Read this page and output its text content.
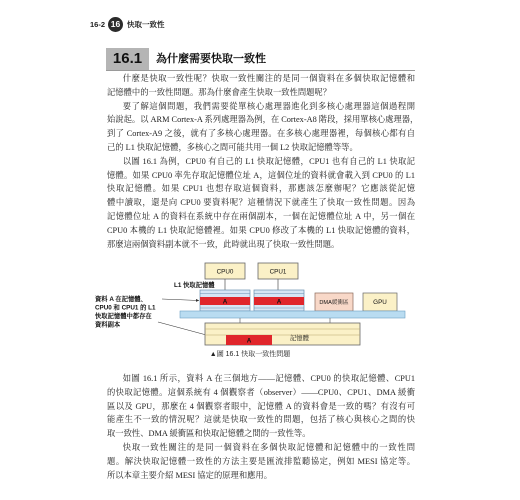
16-2 16 快取一致性
16.1	為什麼需要快取一致性

什麼是快取一致性呢？快取一致性關注的是同一個資料在多個快取記憶體和
記憶體中的一致性問題。那為什麼會產生快取一致性問題呢？

要了解這個問題，我們需要從單核心處理器進化到多核心處理器這個過程開
始說起。以 ARM Cortex-A 系列處理器為例，在 Cortex-A8 階段，採用單核心處理器，
到了 Cortex-A9 之後，就有了多核心處理器。在多核心處理器裡，每個核心都有自
己的 L1 快取記憶體，多核心之間可能共用一個 L2 快取記憶體等等。

以圖 16.1 為例，CPU0 有自己的 L1 快取記憶體，CPU1 也有自己的 L1 快取記
憶體。如果 CPU0 率先存取記憶體位址 A，這個位址的資料就會載入到 CPU0 的 L1
快取記憶體。如果 CPU1 也想存取這個資料，那應該怎麼辦呢？它應該從記憶
體中讀取，還是向 CPU0 要資料呢？這種情況下就產生了快取一致性問題。因為
記憶體位址 A 的資料在系統中存在兩個副本，一個在記憶體位址 A 中，另一個在
CPU0 本機的 L1 快取記憶體裡。如果 CPU0 修改了本機的 L1 快取記憶體的資料，
那麼這兩個資料副本就不一致，此時就出現了快取一致性問題。

CPU0	CPU1
L1 快取記憶體
A	A	DMA緩衝區	GPU
A	記憶體
資料 A 在記憶體、
CPU0 和 CPU1 的 L1
快取記憶體中都存在
資料副本
▲圖 16.1 快取一致性問題

如圖 16.1 所示，資料 A 在三個地方——記憶體、CPU0 的快取記憶體、CPU1
的快取記憶體。這個系統有 4 個觀察者（observer）——CPU0、CPU1、DMA 緩衝
區以及 GPU，那麼在 4 個觀察者眼中，記憶體 A 的資料會是一致的嗎？有沒有可
能產生不一致的情況呢？這就是快取一致性的問題，包括了核心與核心之間的快
取一致性、DMA 緩衝區和快取記憶體之間的一致性等。

快取一致性關注的是同一個資料在多個快取記憶體和記憶體中的一致性問
題。解決快取記憶體一致性的方法主要是匯流排監聽協定，例如 MESI 協定等。
所以本章主要介紹 MESI 協定的原理和應用。
